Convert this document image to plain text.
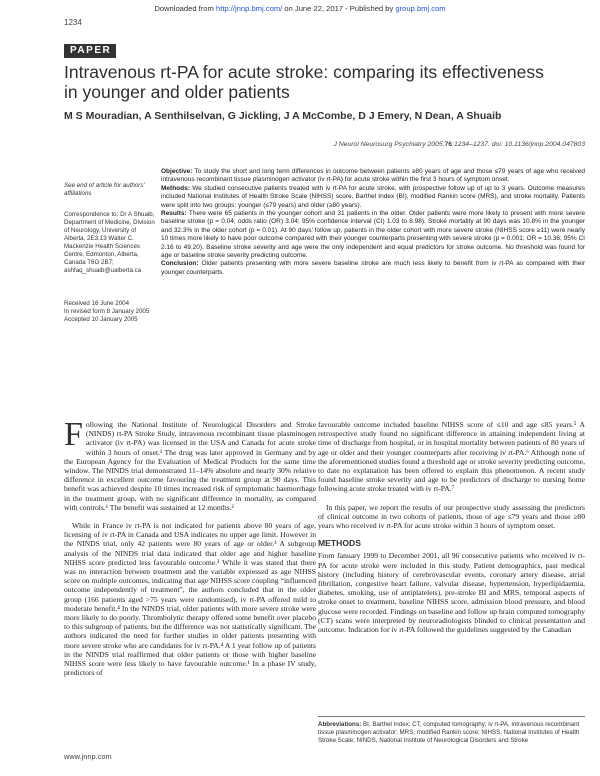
Downloaded from http://jnnp.bmj.com/ on June 22, 2017 - Published by group.bmj.com
1234
PAPER
Intravenous rt-PA for acute stroke: comparing its effectiveness in younger and older patients
M S Mouradian, A Senthilselvan, G Jickling, J A McCombe, D J Emery, N Dean, A Shuaib
J Neurol Neurosurg Psychiatry 2005;76:1234–1237. doi: 10.1136/jnnp.2004.047803
See end of article for authors’ affiliations
Correspondence to: Dr A Shuaib, Department of Medicine, Division of Neurology, University of Alberta, 2E3.13 Walter C. Mackenzie Health Sciences Centre, Edmonton, Alberta, Canada T6G 2B7; ashfaq_shuaib@ualberta.ca
Received 16 June 2004
In revised form 8 January 2005
Accepted 10 January 2005

Objective: To study the short and long term differences in outcome between patients ≥80 years of age and those ≤79 years of age who received intravenous recombinant tissue plasminogen activator (iv rt-PA) for acute stroke within the first 3 hours of symptom onset.

Methods: We studied consecutive patients treated with iv rt-PA for acute stroke, with prospective follow up of up to 3 years. Outcome measures included National Institutes of Health Stroke Scale (NIHSS) score, Barthel Index (BI), modified Rankin score (MRS), and stroke mortality. Patients were split into two groups: younger (≤79 years) and older (≥80 years).

Results: There were 65 patients in the younger cohort and 31 patients in the older. Older patients were more likely to present with more severe baseline stroke (p = 0.04; odds ratio (OR) 3.04; 95% confidence interval (CI) 1.03 to 8.98). Stroke mortality at 90 days was 10.8% in the younger and 32.3% in the older cohort (p = 0.01). At 90 days’ follow up, patients in the older cohort with more severe stroke (NIHSS score ≥11) were nearly 10 times more likely to have poor outcome compared with their younger counterparts presenting with severe stroke (p = 0.001; OR = 10.36; 95% CI 2.16 to 49.20). Baseline stroke severity and age were the only independent and equal predictors for stroke outcome. No threshold was found for age or baseline stroke severity predicting outcome.

Conclusion: Older patients presenting with more severe baseline stroke are much less likely to benefit from iv rt-PA as compared with their younger counterparts.

Following the National Institute of Neurological Disorders and Stroke (NINDS) rt-PA Stroke Study, intravenous recombinant tissue plasminogen activator (iv rt-PA) was licensed in the USA and Canada for acute stroke within 3 hours of onset.¹ The drug was later approved in Germany and by the European Agency for the Evaluation of Medical Products for the same time window. The NINDS trial demonstrated 11–14% absolute and nearly 30% relative difference in excellent outcome favouring the treatment group at 90 days. This benefit was achieved despite 10 times increased risk of symptomatic haemorrhage in the treatment group, with no significant difference in mortality, as compared with controls.¹ The benefit was sustained at 12 months.²

While in France iv rt-PA is not indicated for patients above 80 years of age, licensing of iv rt-PA in Canada and USA indicates no upper age limit. However in the NINDS trial, only 42 patients were 80 years of age or older.³ A subgroup analysis of the NINDS trial data indicated that older age and higher baseline NIHSS score predicted less favourable outcome.³ While it was stated that there was no interaction between treatment and the variable expressed as age NIHSS score on multiple outcomes, indicating that age NIHSS score coupling “influenced outcome independently of treatment”, the authors concluded that in the older group (166 patients aged >75 years were randomised), iv rt-PA offered mild to moderate benefit.⁴ In the NINDS trial, older patients with more severe stroke were more likely to do poorly. Thrombolytic therapy offered some benefit over placebo to this subgroup of patients, but the difference was not statistically significant. The authors indicated the need for further studies in older patients presenting with more severe stroke who are candidates for iv rt-PA.⁴ A 1 year follow up of patients in the NINDS trial reaffirmed that older patients or those with higher baseline NIHSS score were less likely to have favourable outcome.¹ In a phase IV study, predictors of

favourable outcome included baseline NIHSS score of ≤10 and age ≤85 years.⁵ A retrospective study found no significant difference in attaining independent living at time of discharge from hospital, or in hospital mortality between patients of 80 years of age or older and their younger counterparts after receiving iv rt-PA.⁶ Although none of the aforementioned studies found a threshold age or stroke severity predicting outcome, to date no explanation has been offered to explain this phenomenon. A recent study found baseline stroke severity and age to be predictors of discharge to nursing home following acute stroke treated with iv rt-PA.⁷

In this paper, we report the results of our prospective study assessing the predictors of clinical outcome in two cohorts of patients, those of age ≤79 years and those ≥80 years who received iv rt-PA for acute stroke within 3 hours of symptom onset.

METHODS

From January 1999 to December 2001, all 96 consecutive patients who received iv rt-PA for acute stroke were included in this study. Patient demographics, past medical history (including history of cerebrovascular events, coronary artery disease, atrial fibrillation, congestive heart failure, valvular disease, hypertension, hyperlipidaemia, diabetes, smoking, use of antiplatelets), pre-stroke BI and MRS, temporal aspects of stroke onset to treatment, baseline NIHSS score, admission blood pressure, and blood glucose were recorded. Findings on baseline and follow up brain computed tomography (CT) scans were interpreted by neuroradiologists blinded to clinical presentation and outcome. Indication for iv rt-PA followed the guidelines suggested by the Canadian

Abbreviations: BI, Barthel Index; CT, computed tomography; iv rt-PA, intravenous recombinant tissue plasminogen activator; MRS, modified Rankin score; NIHSS, National Institutes of Health Stroke Scale; NINDS, National Institute of Neurological Disorders and Stroke
www.jnnp.com
